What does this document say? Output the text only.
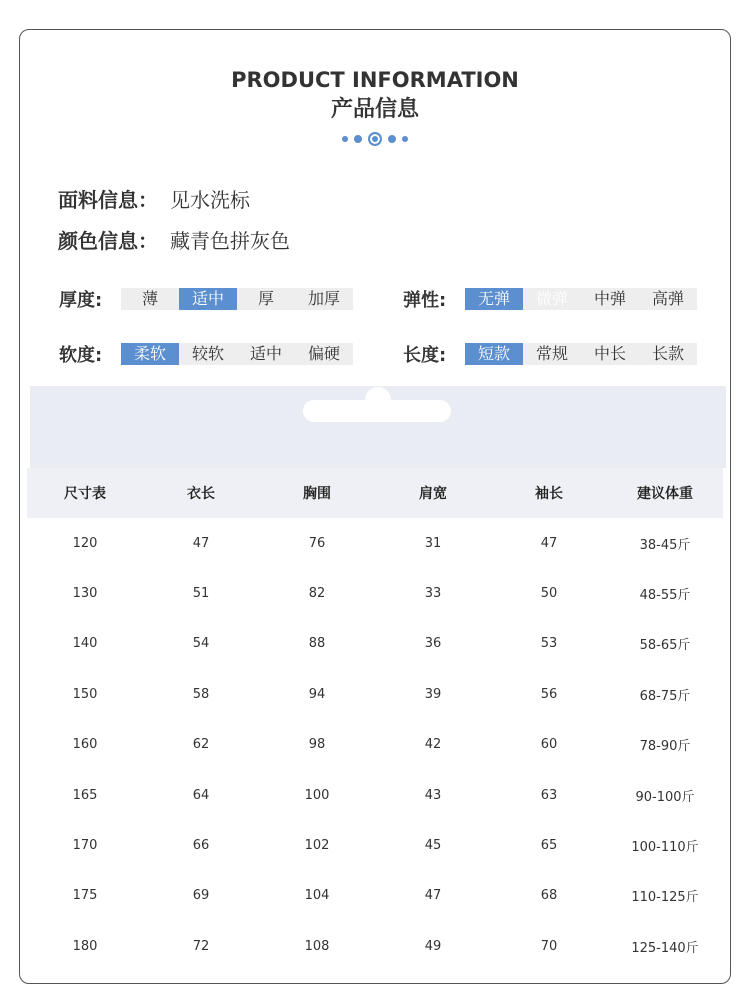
PRODUCT INFORMATION
产品信息
面料信息： 见水洗标
颜色信息： 藏青色拼灰色
厚度:	薄	适中	厚	加厚	弹性:	无弹	微弹	中弹	高弹
软度:	柔软	较软	适中	偏硬	长度:	短款	常规	中长	长款
尺寸表	衣长	胸围	肩宽	袖长	建议体重
120	47	76	31	47	38-45斤
130	51	82	33	50	48-55斤
140	54	88	36	53	58-65斤
150	58	94	39	56	68-75斤
160	62	98	42	60	78-90斤
165	64	100	43	63	90-100斤
170	66	102	45	65	100-110斤
175	69	104	47	68	110-125斤
180	72	108	49	70	125-140斤
